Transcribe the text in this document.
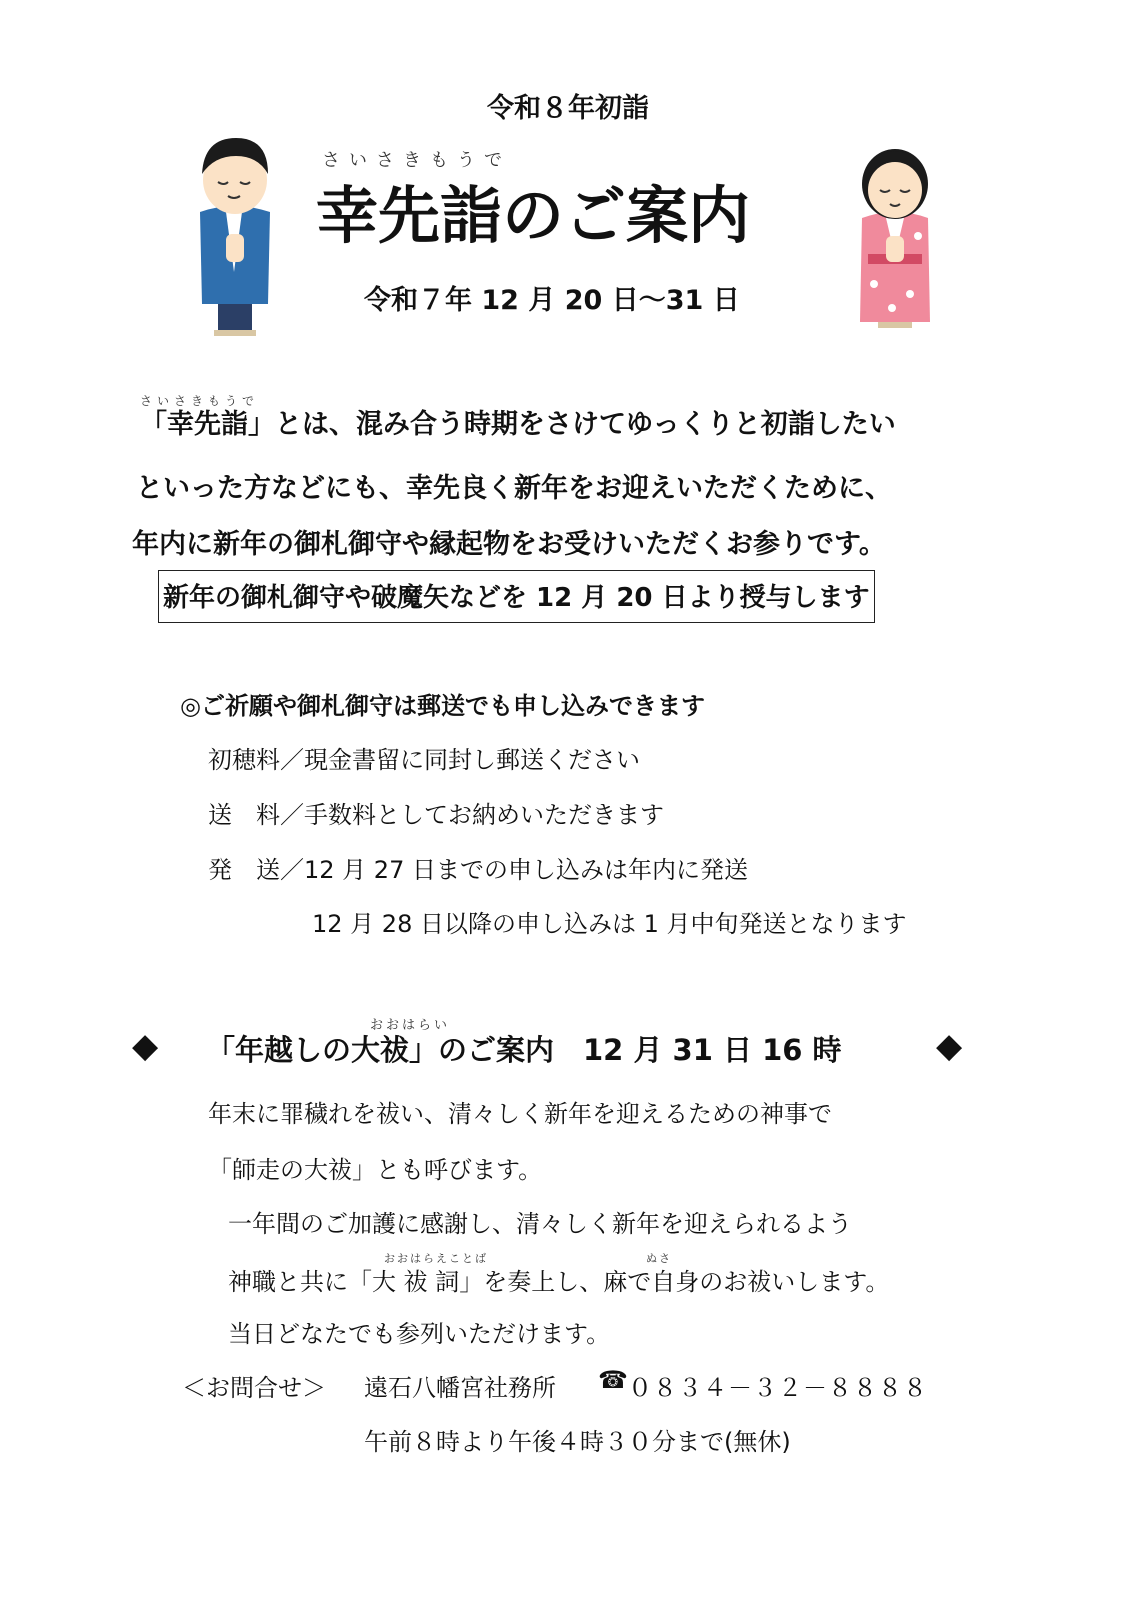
令和８年初詣
さいさきもうで
幸先詣のご案内
令和７年 12 月 20 日～31 日
さいさきもうで
「幸先詣」とは、混み合う時期をさけてゆっくりと初詣したい
といった方などにも、幸先良く新年をお迎えいただくために、
年内に新年の御札御守や縁起物をお受けいただくお参りです。
新年の御札御守や破魔矢などを 12 月 20 日より授与します
◎ご祈願や御札御守は郵送でも申し込みできます
初穂料／現金書留に同封し郵送ください
送　料／手数料としてお納めいただきます
発　送／12 月 27 日までの申し込みは年内に発送
12 月 28 日以降の申し込みは 1 月中旬発送となります
◆
おおはらい
「年越しの大祓」のご案内　12 月 31 日 16 時	◆
年末に罪穢れを祓い、清々しく新年を迎えるための神事で
「師走の大祓」とも呼びます。
一年間のご加護に感謝し、清々しく新年を迎えられるよう
おおはらえことば	ぬさ
神職と共に「大 祓 詞」を奏上し、麻で自身のお祓いします。
当日どなたでも参列いただけます。
＜お問合せ＞ 遠石八幡宮社務所 ☎ ０８３４－３２－８８８８
午前８時より午後４時３０分まで(無休)
